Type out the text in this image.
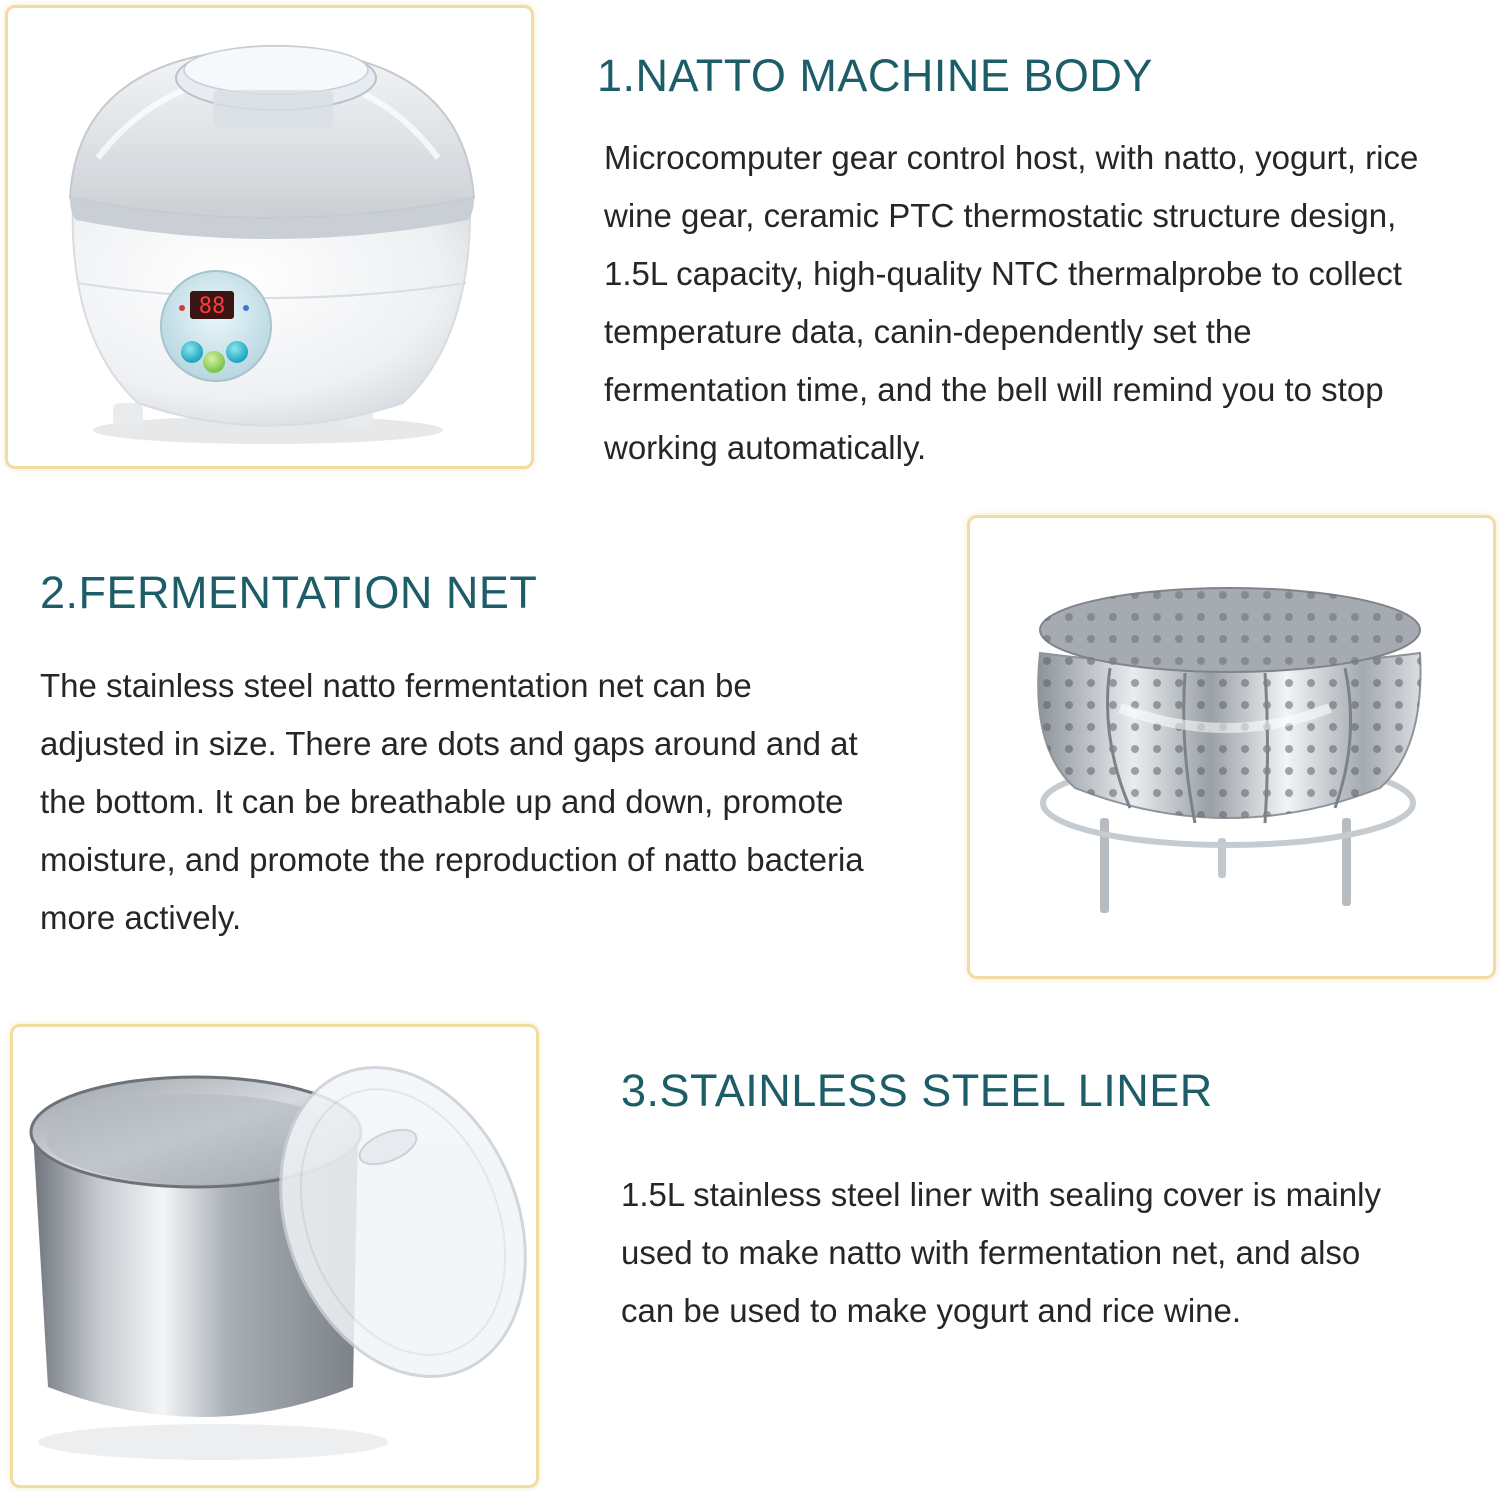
88
1.NATTO MACHINE BODY

Microcomputer gear control host, with natto, yogurt, rice wine gear, ceramic PTC thermostatic structure design, 1.5L capacity, high-quality NTC thermalprobe to collect temperature data, canin-dependently set the fermentation time, and the bell will remind you to stop working automatically.

2.FERMENTATION NET

The stainless steel natto fermentation net can be adjusted in size. There are dots and gaps around and at the bottom. It can be breathable up and down, promote moisture, and promote the reproduction of natto bacteria more actively.

3.STAINLESS STEEL LINER

1.5L stainless steel liner with sealing cover is mainly used to make natto with fermentation net, and also can be used to make yogurt and rice wine.
